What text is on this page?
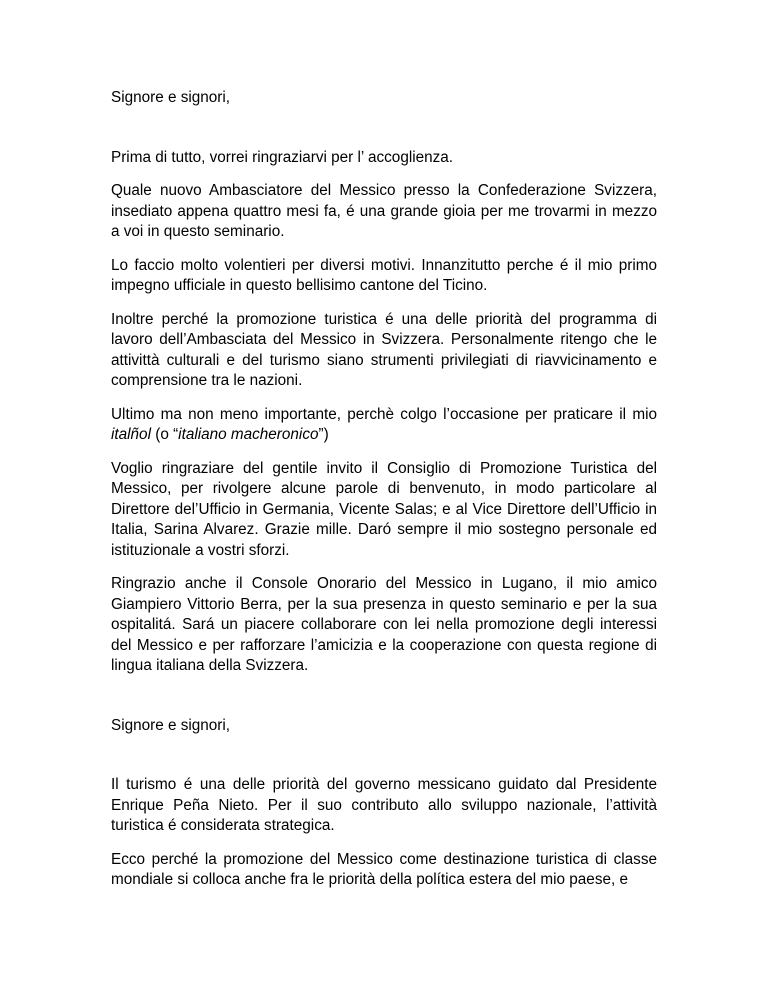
Signore e signori,

Prima di tutto, vorrei ringraziarvi per l’ accoglienza.

Quale nuovo Ambasciatore del Messico presso la Confederazione Svizzera, insediato appena quattro mesi fa, é una grande gioia per me trovarmi in mezzo a voi in questo seminario.

Lo faccio molto volentieri per diversi motivi. Innanzitutto perche é il mio primo impegno ufficiale in questo bellisimo cantone del Ticino.

Inoltre perché la promozione turistica é una delle priorità del programma di lavoro dell’Ambasciata del Messico in Svizzera. Personalmente ritengo che le attivittà culturali e del turismo siano strumenti privilegiati di riavvicinamento e comprensione tra le nazioni.

Ultimo ma non meno importante, perchè colgo l’occasione per praticare il mio italñol (o “italiano macheronico”)

Voglio ringraziare del gentile invito il Consiglio di Promozione Turistica del Messico, per rivolgere alcune parole di benvenuto, in modo particolare al Direttore del’Ufficio in Germania, Vicente Salas; e al Vice Direttore dell’Ufficio in Italia, Sarina Alvarez. Grazie mille. Daró sempre il mio sostegno personale ed istituzionale a vostri sforzi.

Ringrazio anche il Console Onorario del Messico in Lugano, il mio amico Giampiero Vittorio Berra, per la sua presenza in questo seminario e per la sua ospitalitá. Sará un piacere collaborare con lei nella promozione degli interessi del Messico e per rafforzare l’amicizia e la cooperazione con questa regione di lingua italiana della Svizzera.

Signore e signori,

Il turismo é una delle priorità del governo messicano guidato dal Presidente Enrique Peña Nieto. Per il suo contributo allo sviluppo nazionale, l’attività turistica é considerata strategica.

Ecco perché la promozione del Messico come destinazione turistica di classe mondiale si colloca anche fra le priorità della política estera del mio paese, e
